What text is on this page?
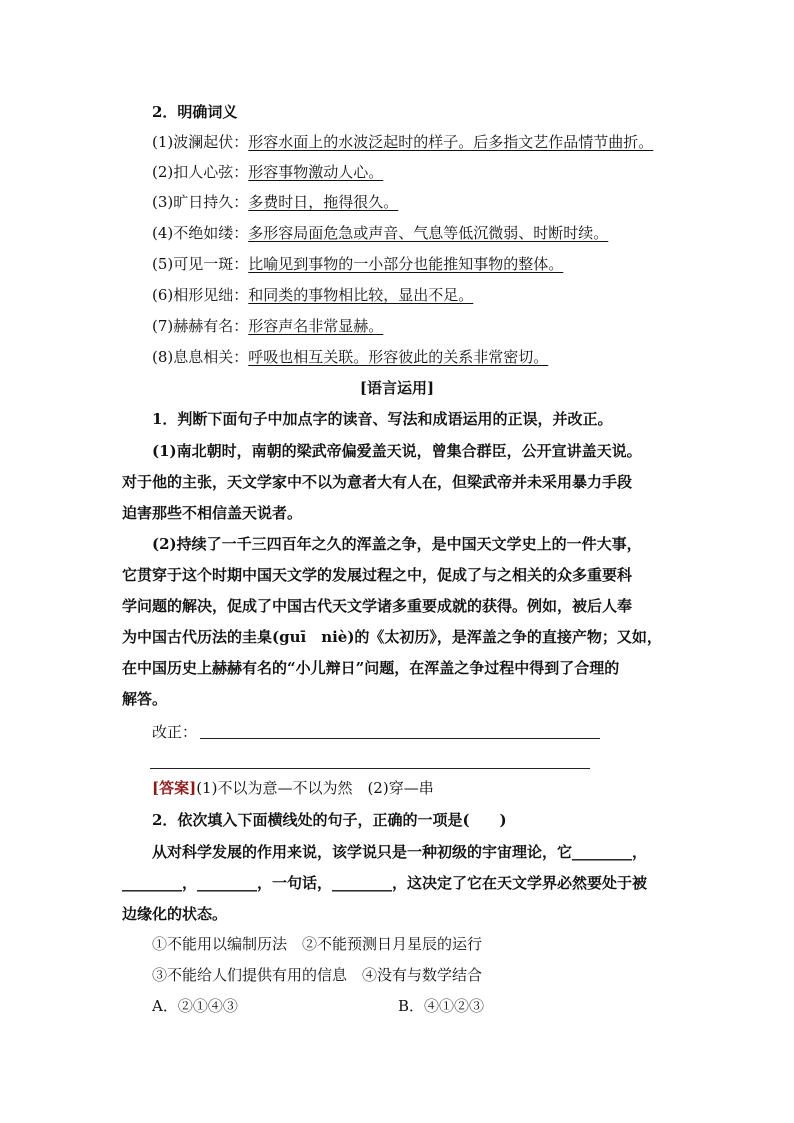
2．明确词义
(1)波澜起伏：形容水面上的水波泛起时的样子。后多指文艺作品情节曲折。
(2)扣人心弦：形容事物激动人心。
(3)旷日持久：多费时日，拖得很久。
(4)不绝如缕：多形容局面危急或声音、气息等低沉微弱、时断时续。
(5)可见一斑：比喻见到事物的一小部分也能推知事物的整体。
(6)相形见绌：和同类的事物相比较，显出不足。
(7)赫赫有名：形容声名非常显赫。
(8)息息相关：呼吸也相互关联。形容彼此的关系非常密切。
[语言运用]
1．判断下面句子中加点字的读音、写法和成语运用的正误，并改正。
(1)南北朝时，南朝的梁武帝偏爱盖天说，曾集合群臣，公开宣讲盖天说。
对于他的主张，天文学家中不以为意者大有人在，但梁武帝并未采用暴力手段
迫害那些不相信盖天说者。
(2)持续了一千三四百年之久的浑盖之争，是中国天文学史上的一件大事，
它贯穿于这个时期中国天文学的发展过程之中，促成了与之相关的众多重要科
学问题的解决，促成了中国古代天文学诸多重要成就的获得。例如，被后人奉
为中国古代历法的圭臬(guī　niè)的《太初历》，是浑盖之争的直接产物；又如，
在中国历史上赫赫有名的“小儿辩日”问题，在浑盖之争过程中得到了合理的
解答。
改正：
[答案](1)不以为意—不以为然　(2)穿—串
2．依次填入下面横线处的句子，正确的一项是(　　)
从对科学发展的作用来说，该学说只是一种初级的宇宙理论，它________，
________，________，一句话，________，这决定了它在天文学界必然要处于被
边缘化的状态。
①不能用以编制历法　②不能预测日月星辰的运行
③不能给人们提供有用的信息　④没有与数学结合
A．②①④③	B．④①②③
